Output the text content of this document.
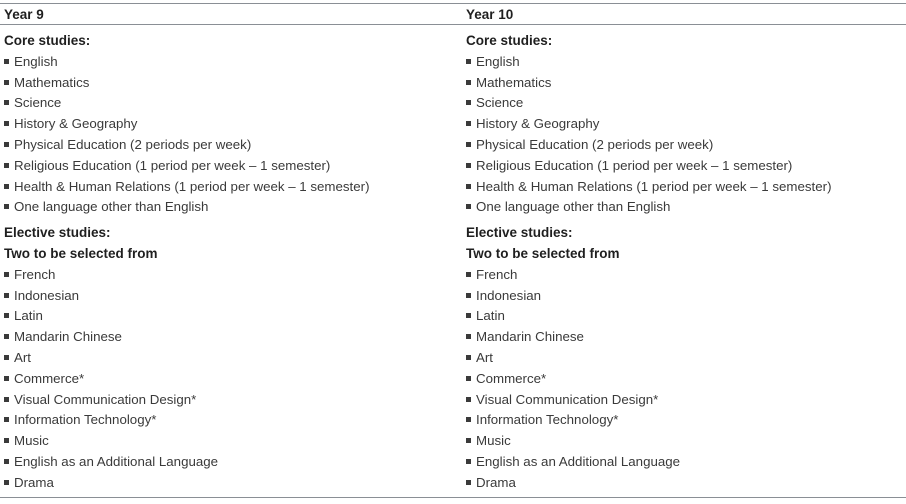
Year 9
Core studies:
English
Mathematics
Science
History & Geography
Physical Education (2 periods per week)
Religious Education (1 period per week – 1 semester)
Health & Human Relations (1 period per week – 1 semester)
One language other than English
Elective studies:
Two to be selected from
French
Indonesian
Latin
Mandarin Chinese
Art
Commerce*
Visual Communication Design*
Information Technology*
Music
English as an Additional Language
Drama
Year 10
Core studies:
English
Mathematics
Science
History & Geography
Physical Education (2 periods per week)
Religious Education (1 period per week – 1 semester)
Health & Human Relations (1 period per week – 1 semester)
One language other than English
Elective studies:
Two to be selected from
French
Indonesian
Latin
Mandarin Chinese
Art
Commerce*
Visual Communication Design*
Information Technology*
Music
English as an Additional Language
Drama
